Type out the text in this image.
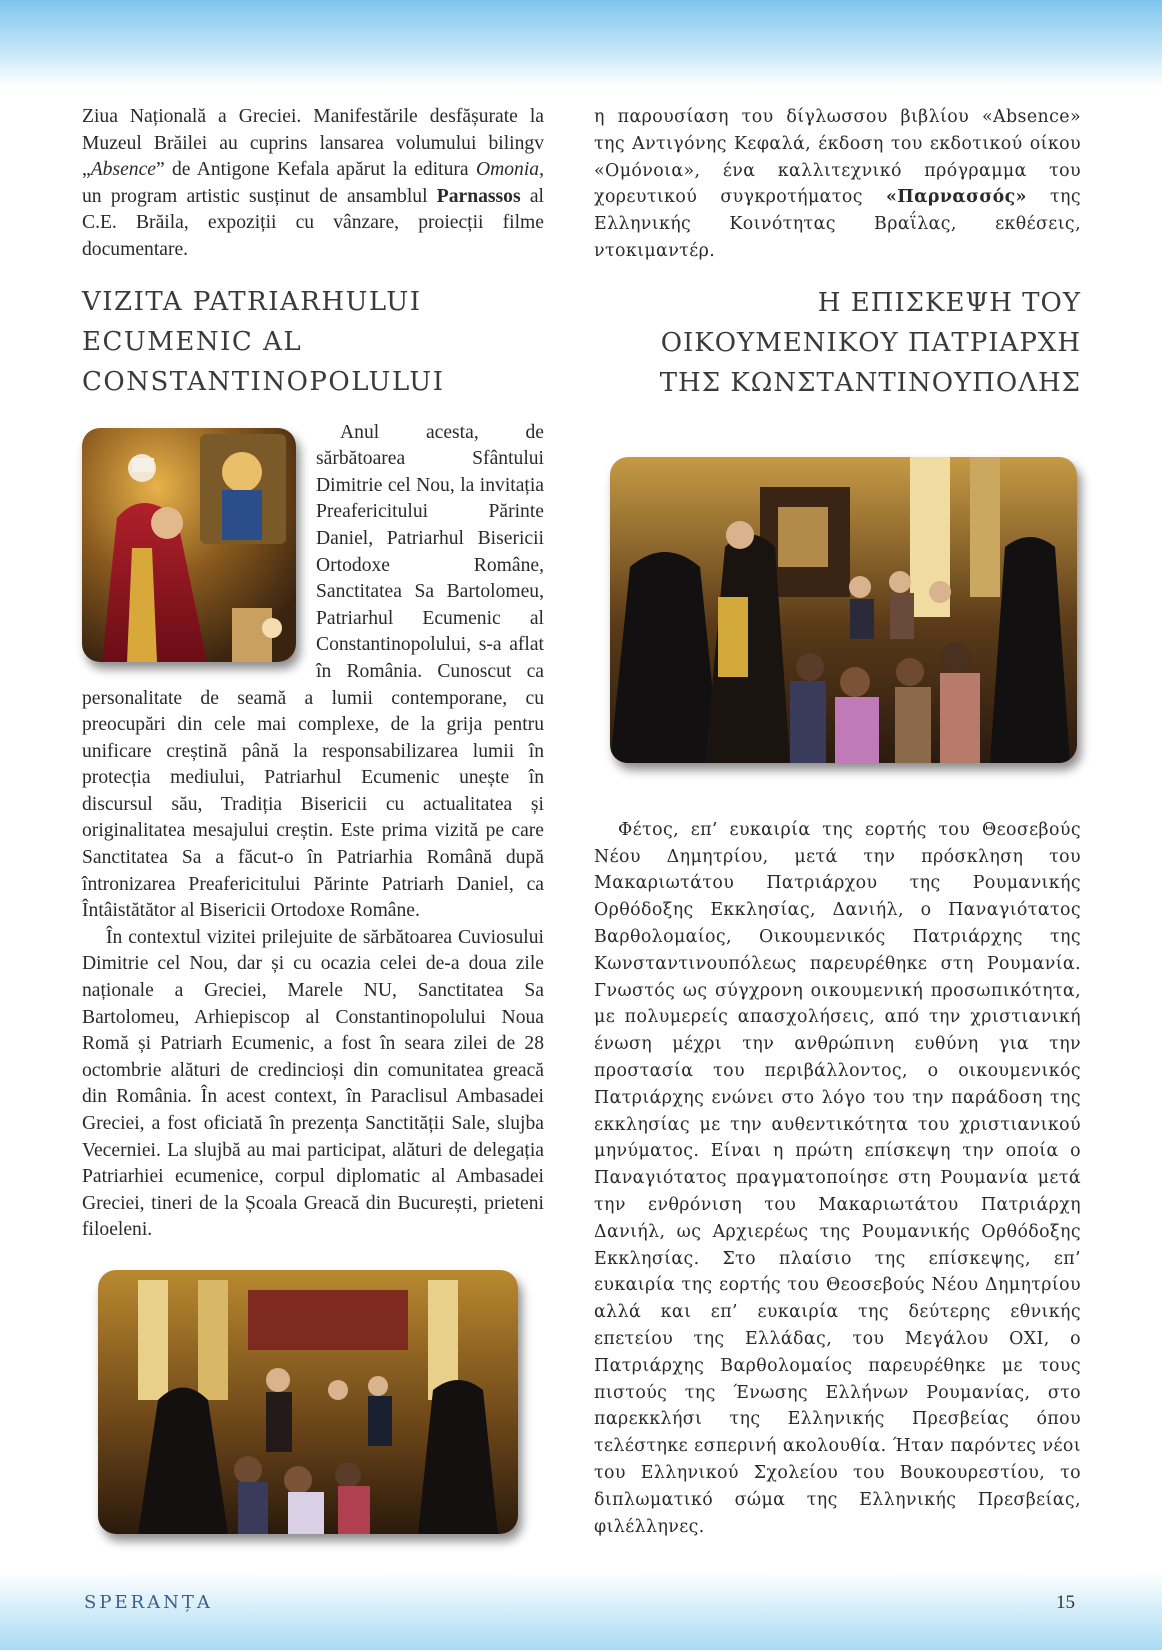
Ziua Națională a Greciei. Manifestările desfășurate la Muzeul Brăilei au cuprins lansarea volumului bilingv „Absence” de Antigone Kefala apărut la editura Omonia, un program artistic susținut de ansamblul Parnassos al C.E. Brăila, expoziții cu vânzare, proiecții filme documentare.

VIZITA PATRIARHULUI ECUMENIC AL CONSTANTINOPOLULUI

Anul acesta, de sărbătoarea Sfântului Dimitrie cel Nou, la invitația Preafericitului Părinte Daniel, Patriarhul Bisericii Ortodoxe Române, Sanctitatea Sa Bartolomeu, Patriarhul Ecumenic al Constantinopolului, s-a aflat în România. Cunoscut ca personalitate de seamă a lumii contemporane, cu preocupări din cele mai complexe, de la grija pentru unificare creștină până la responsabilizarea lumii în protecția mediului, Patriarhul Ecumenic unește în discursul său, Tradiția Bisericii cu actualitatea și originalitatea mesajului creștin. Este prima vizită pe care Sanctitatea Sa a făcut-o în Patriarhia Română după întronizarea Preafericitului Părinte Patriarh Daniel, ca Întâistătător al Bisericii Ortodoxe Române.

În contextul vizitei prilejuite de sărbătoarea Cuviosului Dimitrie cel Nou, dar și cu ocazia celei de-a doua zile naționale a Greciei, Marele NU, Sanctitatea Sa Bartolomeu, Arhiepiscop al Constantinopolului Noua Romă și Patriarh Ecumenic, a fost în seara zilei de 28 octombrie alături de credincioși din comunitatea greacă din România. În acest context, în Paraclisul Ambasadei Greciei, a fost oficiată în prezența Sanctității Sale, slujba Vecerniei. La slujbă au mai participat, alături de delegația Patriarhiei ecumenice, corpul diplomatic al Ambasadei Greciei, tineri de la Școala Greacă din București, prieteni filoeleni.

η παρουσίαση του δίγλωσσου βιβλίου «Absence» της Αντιγόνης Κεφαλά, έκδοση του εκδοτικού οίκου «Ομόνοια», ένα καλλιτεχνικό πρόγραμμα του χορευτικού συγκροτήματος «Παρνασσός» της Ελληνικής Κοινότητας Βραΐλας, εκθέσεις, ντοκιμαντέρ.

Η ΕΠΙΣΚΕΨΗ ΤΟΥ
ΟΙΚΟΥΜΕΝΙΚΟΥ ΠΑΤΡΙΑΡΧΗ
ΤΗΣ ΚΩΝΣΤΑΝΤΙΝΟΥΠΟΛΗΣ

Φέτος, επ’ ευκαιρία της εορτής του Θεοσεβούς Νέου Δημητρίου, μετά την πρόσκληση του Μακαριωτάτου Πατριάρχου της Ρουμανικής Ορθόδοξης Εκκλησίας, Δανιήλ, ο Παναγιότατος Βαρθολομαίος, Οικουμενικός Πατριάρχης της Κωνσταντινουπόλεως παρευρέθηκε στη Ρουμανία. Γνωστός ως σύγχρονη οικουμενική προσωπικότητα, με πολυμερείς απασχολήσεις, από την χριστιανική ένωση μέχρι την ανθρώπινη ευθύνη για την προστασία του περιβάλλοντος, ο οικουμενικός Πατριάρχης ενώνει στο λόγο του την παράδοση της εκκλησίας με την αυθεντικότητα του χριστιανικού μηνύματος. Είναι η πρώτη επίσκεψη την οποία ο Παναγιότατος πραγματοποίησε στη Ρουμανία μετά την ενθρόνιση του Μακαριωτάτου Πατριάρχη Δανιήλ, ως Αρχιερέως της Ρουμανικής Ορθόδοξης Εκκλησίας. Στο πλαίσιο της επίσκεψης, επ’ ευκαιρία της εορτής του Θεοσεβούς Νέου Δημητρίου αλλά και επ’ ευκαιρία της δεύτερης εθνικής επετείου της Ελλάδας, του Μεγάλου ΟΧΙ, ο Πατριάρχης Βαρθολομαίος παρευρέθηκε με τους πιστούς της Ένωσης Ελλήνων Ρουμανίας, στο παρεκκλήσι της Ελληνικής Πρεσβείας όπου τελέστηκε εσπερινή ακολουθία. Ήταν παρόντες νέοι του Ελληνικού Σχολείου του Βουκουρεστίου, το διπλωματικό σώμα της Ελληνικής Πρεσβείας, φιλέλληνες.

SPERANȚA	15
